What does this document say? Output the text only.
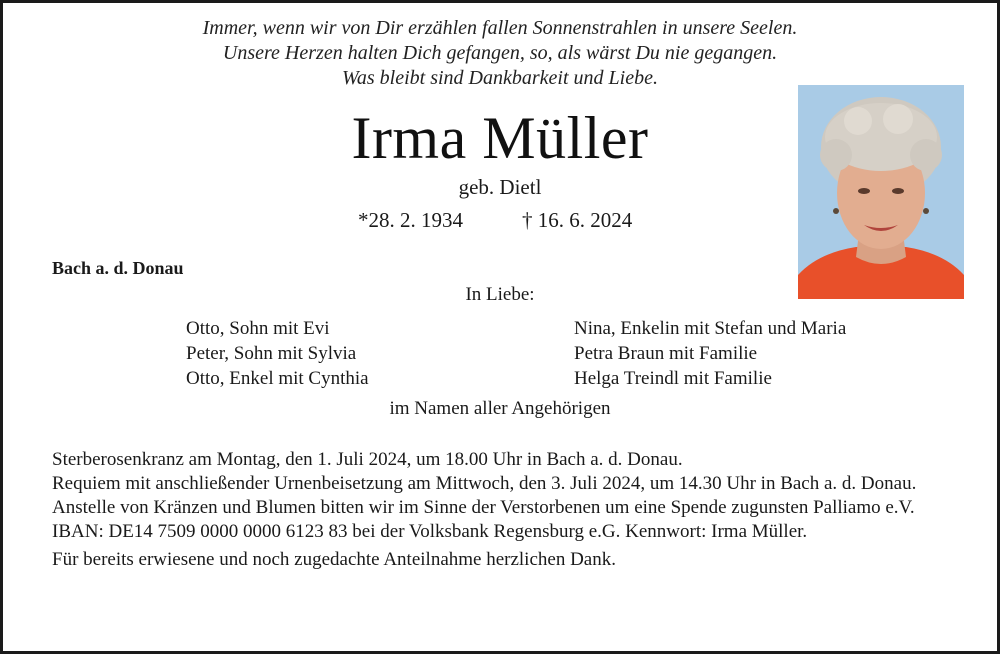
Immer, wenn wir von Dir erzählen fallen Sonnenstrahlen in unsere Seelen.
Unsere Herzen halten Dich gefangen, so, als wärst Du nie gegangen.
Was bleibt sind Dankbarkeit und Liebe.
Irma Müller
geb. Dietl
*28. 2. 1934	† 16. 6. 2024
Bach a. d. Donau
In Liebe:
Otto, Sohn mit Evi
Peter, Sohn mit Sylvia
Otto, Enkel mit Cynthia
Nina, Enkelin mit Stefan und Maria
Petra Braun mit Familie
Helga Treindl mit Familie
im Namen aller Angehörigen

Sterberosenkranz am Montag, den 1. Juli 2024, um 18.00 Uhr in Bach a. d. Donau.

Requiem mit anschließender Urnenbeisetzung am Mittwoch, den 3. Juli 2024, um 14.30 Uhr in Bach a. d. Donau.

Anstelle von Kränzen und Blumen bitten wir im Sinne der Verstorbenen um eine Spende zugunsten Palliamo e.V. IBAN: DE14 7509 0000 0000 6123 83 bei der Volksbank Regensburg e.G. Kennwort: Irma Müller.

Für bereits erwiesene und noch zugedachte Anteilnahme herzlichen Dank.
